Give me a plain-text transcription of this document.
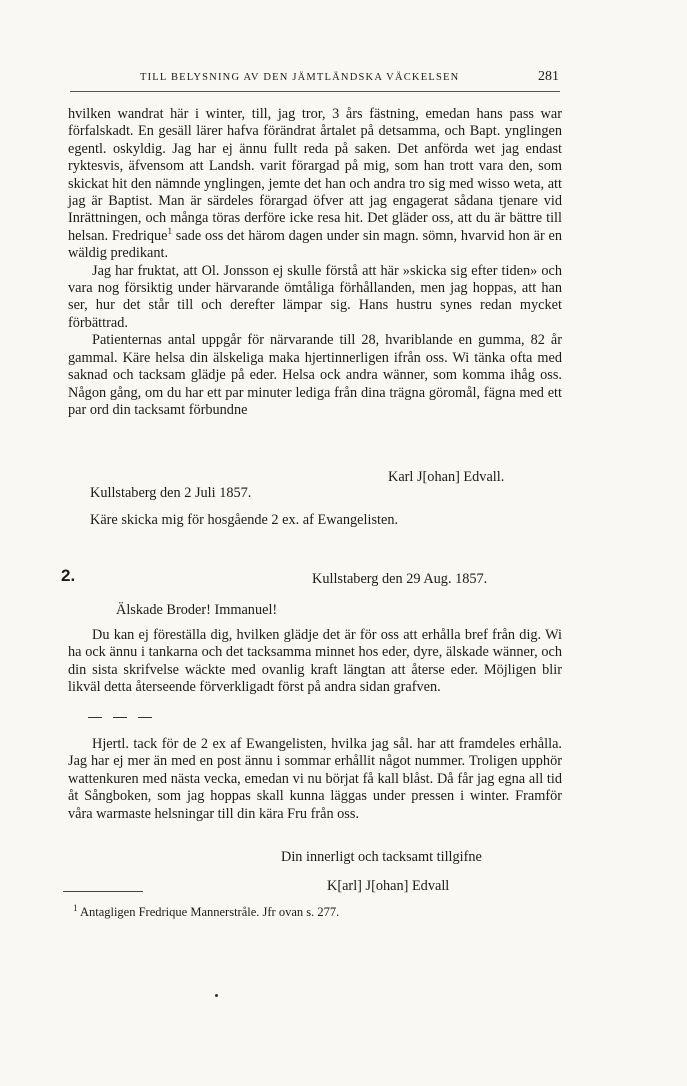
TILL BELYSNING AV DEN JÄMTLÄNDSKA VÄCKELSEN	281

hvilken wandrat här i winter, till, jag tror, 3 års fästning, emedan hans pass war förfalskadt. En gesäll lärer hafva förändrat årtalet på detsamma, och Bapt. ynglingen egentl. oskyldig. Jag har ej ännu fullt reda på saken. Det anförda wet jag endast ryktesvis, äfvensom att Landsh. varit förargad på mig, som han trott vara den, som skickat hit den nämnde ynglingen, jemte det han och andra tro sig med wisso weta, att jag är Baptist. Man är särdeles förargad öfver att jag engagerat sådana tjenare vid Inrättningen, och många töras derföre icke resa hit. Det gläder oss, att du är bättre till helsan. Fredrique$^1$ sade oss det härom dagen under sin magn. sömn, hvarvid hon är en wäldig predikant.

Jag har fruktat, att Ol. Jonsson ej skulle förstå att här »skicka sig efter tiden» och vara nog försiktig under härvarande ömtåliga förhållanden, men jag hoppas, att han ser, hur det står till och derefter lämpar sig. Hans hustru synes redan mycket förbättrad.

Patienternas antal uppgår för närvarande till 28, hvariblande en gumma, 82 år gammal. Käre helsa din älskeliga maka hjertinnerligen ifrån oss. Wi tänka ofta med saknad och tacksam glädje på eder. Helsa ock andra wänner, som komma ihåg oss. Någon gång, om du har ett par minuter lediga från dina trägna göromål, fägna med ett par ord din tacksamt förbundne

Karl J[ohan] Edvall.
Kullstaberg den 2 Juli 1857.
Käre skicka mig för hosgående 2 ex. af Ewangelisten.
2.	Kullstaberg den 29 Aug. 1857.
Älskade Broder! Immanuel!

Du kan ej föreställa dig, hvilken glädje det är för oss att erhålla bref från dig. Wi ha ock ännu i tankarna och det tacksamma minnet hos eder, dyre, älskade wänner, och din sista skrifvelse wäckte med ovanlig kraft längtan att återse eder. Möjligen blir likväl detta återseende förverkligadt först på andra sidan grafven.

Hjertl. tack för de 2 ex af Ewangelisten, hvilka jag sål. har att framdeles erhålla. Jag har ej mer än med en post ännu i sommar erhållit något nummer. Troligen upphör wattenkuren med nästa vecka, emedan vi nu börjat få kall blåst. Då får jag egna all tid åt Sångboken, som jag hoppas skall kunna läggas under pressen i winter. Framför våra warmaste helsningar till din kära Fru från oss.

Din innerligt och tacksamt tillgifne
K[arl] J[ohan] Edvall
$^1$ Antagligen Fredrique Mannerstråle. Jfr ovan s. 277.
